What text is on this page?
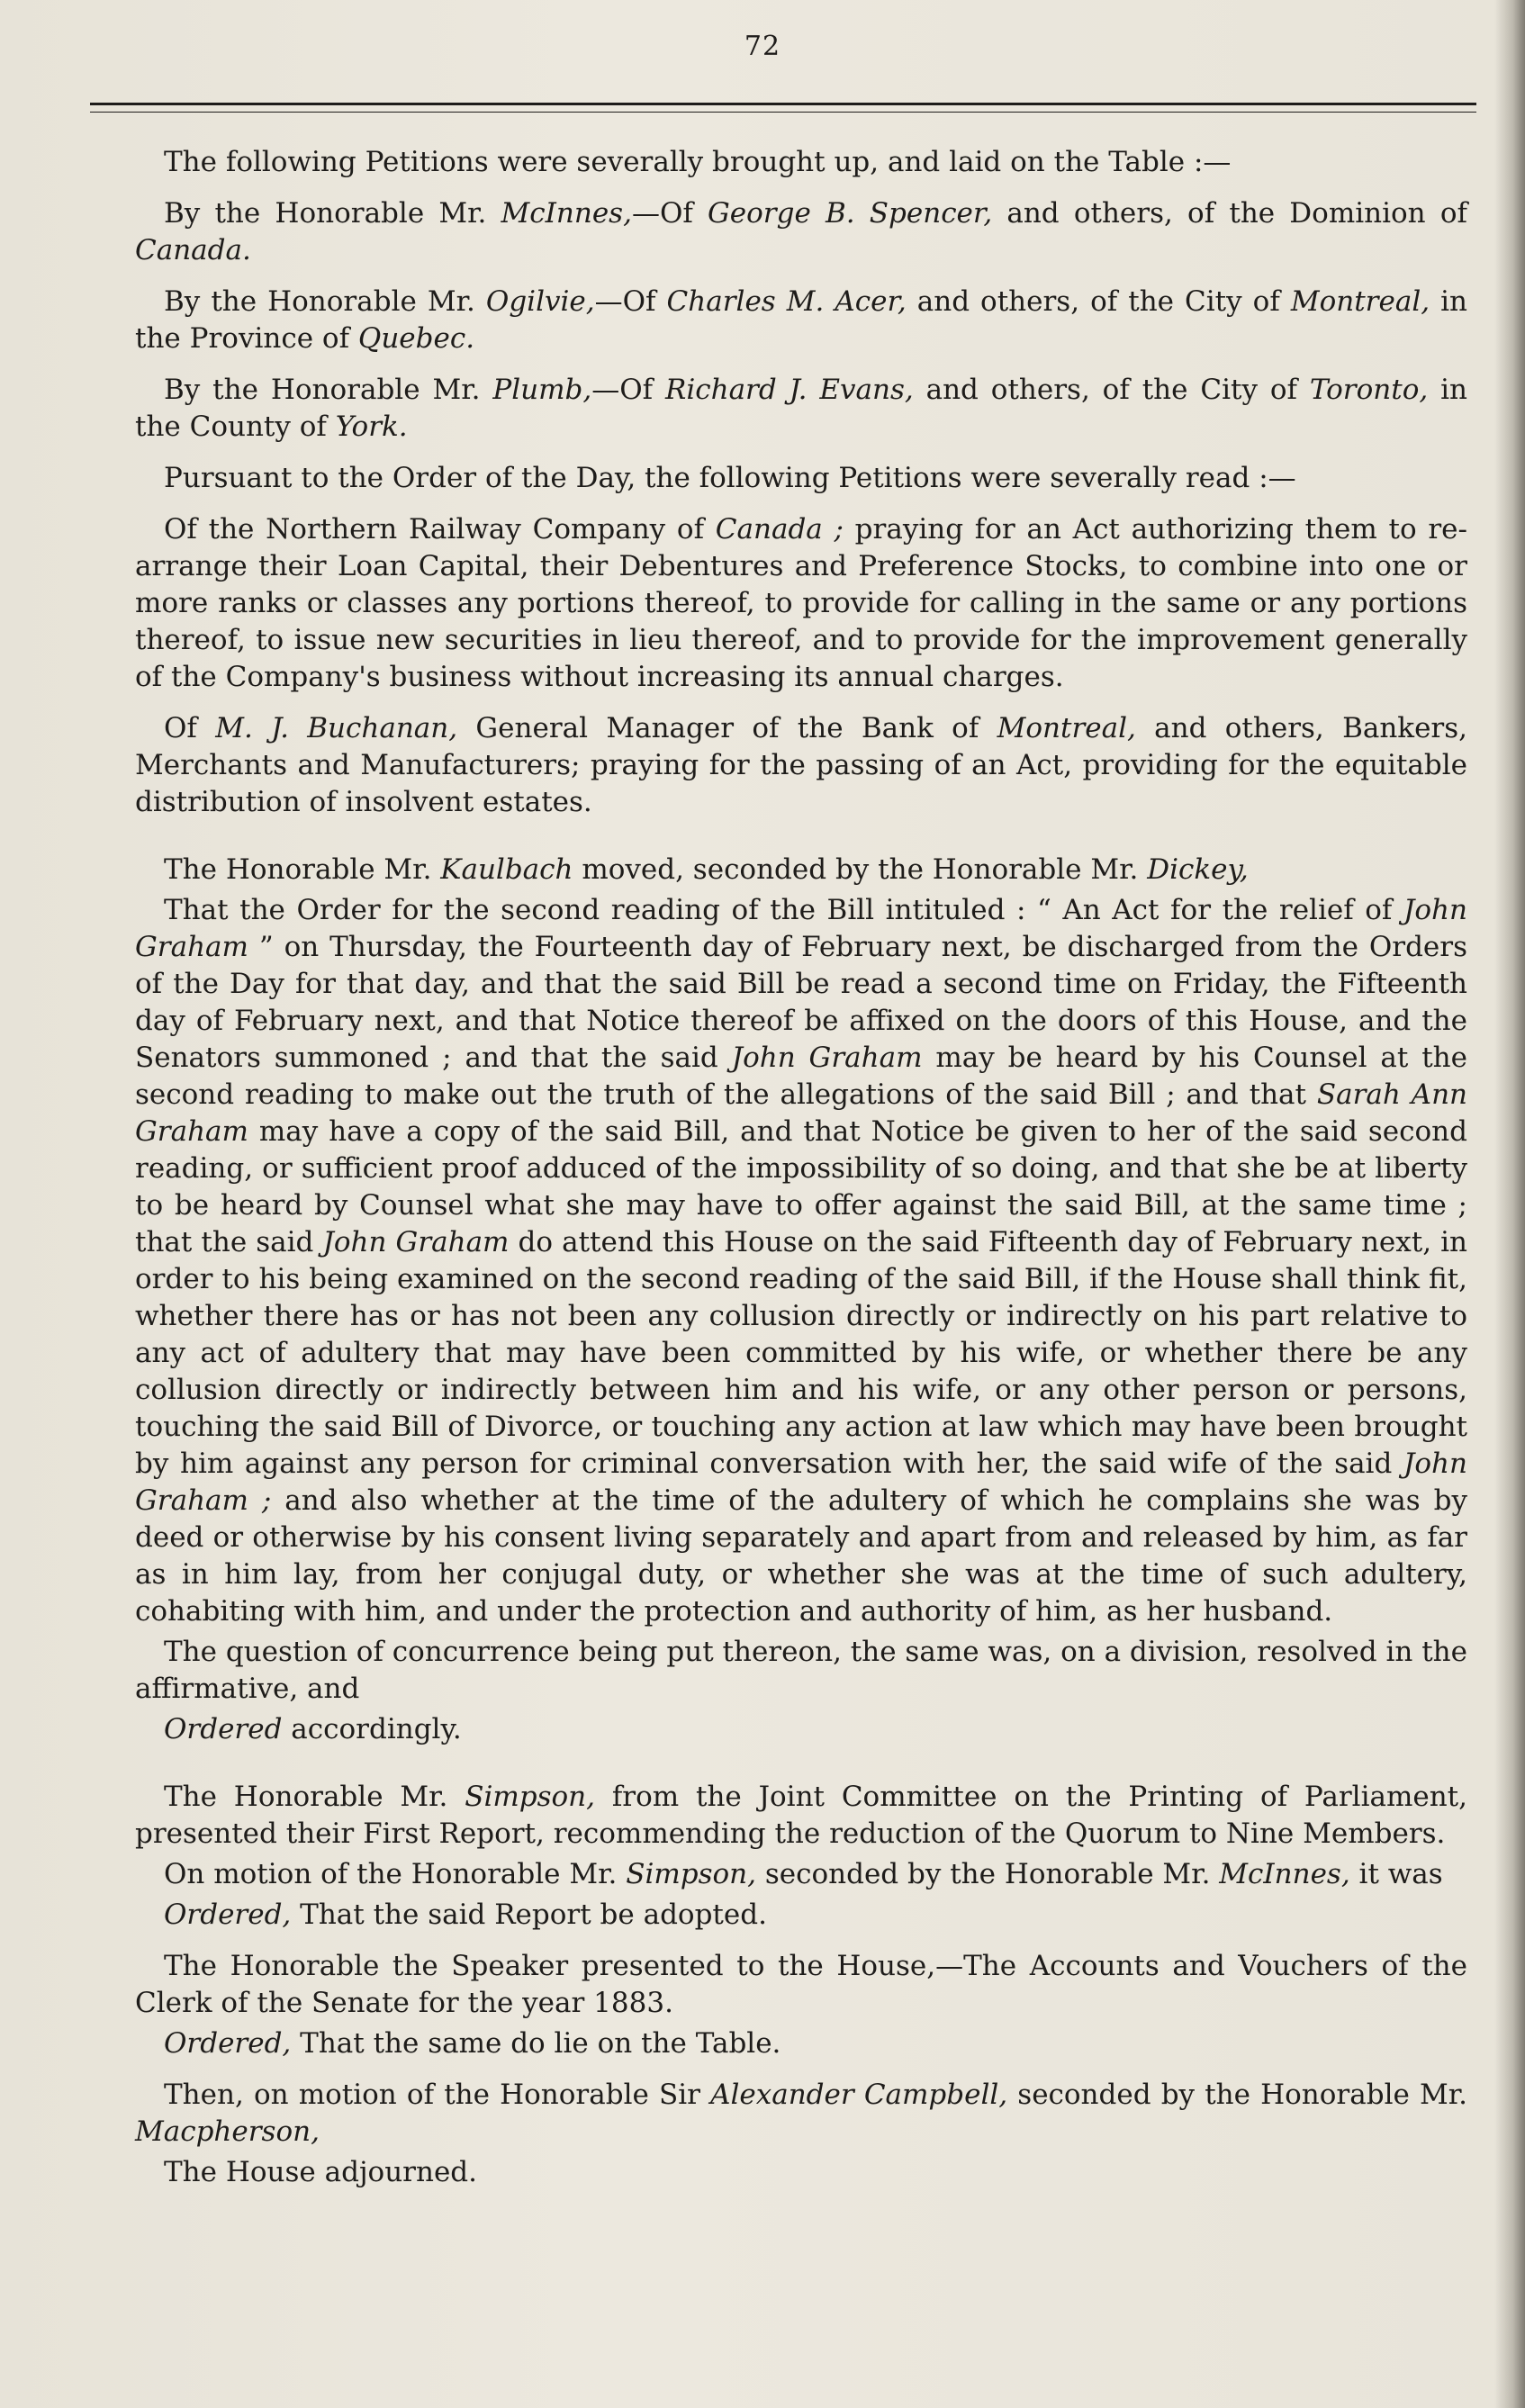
72

The following Petitions were severally brought up, and laid on the Table :—

By the Honorable Mr. McInnes,—Of George B. Spencer, and others, of the Dominion of Canada.

By the Honorable Mr. Ogilvie,—Of Charles M. Acer, and others, of the City of Montreal, in the Province of Quebec.

By the Honorable Mr. Plumb,—Of Richard J. Evans, and others, of the City of Toronto, in the County of York.

Pursuant to the Order of the Day, the following Petitions were severally read :—

Of the Northern Railway Company of Canada ; praying for an Act authorizing them to re-arrange their Loan Capital, their Debentures and Preference Stocks, to combine into one or more ranks or classes any portions thereof, to provide for calling in the same or any portions thereof, to issue new securities in lieu thereof, and to provide for the improvement generally of the Company's business without increasing its annual charges.

Of M. J. Buchanan, General Manager of the Bank of Montreal, and others, Bankers, Merchants and Manufacturers; praying for the passing of an Act, providing for the equitable distribution of insolvent estates.

The Honorable Mr. Kaulbach moved, seconded by the Honorable Mr. Dickey,

That the Order for the second reading of the Bill intituled : “ An Act for the relief of John Graham ” on Thursday, the Fourteenth day of February next, be discharged from the Orders of the Day for that day, and that the said Bill be read a second time on Friday, the Fifteenth day of February next, and that Notice thereof be affixed on the doors of this House, and the Senators summoned ; and that the said John Graham may be heard by his Counsel at the second reading to make out the truth of the allegations of the said Bill ; and that Sarah Ann Graham may have a copy of the said Bill, and that Notice be given to her of the said second reading, or sufficient proof adduced of the impossibility of so doing, and that she be at liberty to be heard by Counsel what she may have to offer against the said Bill, at the same time ; that the said John Graham do attend this House on the said Fifteenth day of February next, in order to his being examined on the second reading of the said Bill, if the House shall think fit, whether there has or has not been any collusion directly or indirectly on his part relative to any act of adultery that may have been committed by his wife, or whether there be any collusion directly or indirectly between him and his wife, or any other person or persons, touching the said Bill of Divorce, or touching any action at law which may have been brought by him against any person for criminal conversation with her, the said wife of the said John Graham ; and also whether at the time of the adultery of which he complains she was by deed or otherwise by his consent living separately and apart from and released by him, as far as in him lay, from her conjugal duty, or whether she was at the time of such adultery, cohabiting with him, and under the protection and authority of him, as her husband.

The question of concurrence being put thereon, the same was, on a division, resolved in the affirmative, and

Ordered accordingly.

The Honorable Mr. Simpson, from the Joint Committee on the Printing of Parliament, presented their First Report, recommending the reduction of the Quorum to Nine Members.

On motion of the Honorable Mr. Simpson, seconded by the Honorable Mr. McInnes, it was

Ordered, That the said Report be adopted.

The Honorable the Speaker presented to the House,—The Accounts and Vouchers of the Clerk of the Senate for the year 1883.

Ordered, That the same do lie on the Table.

Then, on motion of the Honorable Sir Alexander Campbell, seconded by the Honorable Mr. Macpherson,

The House adjourned.
